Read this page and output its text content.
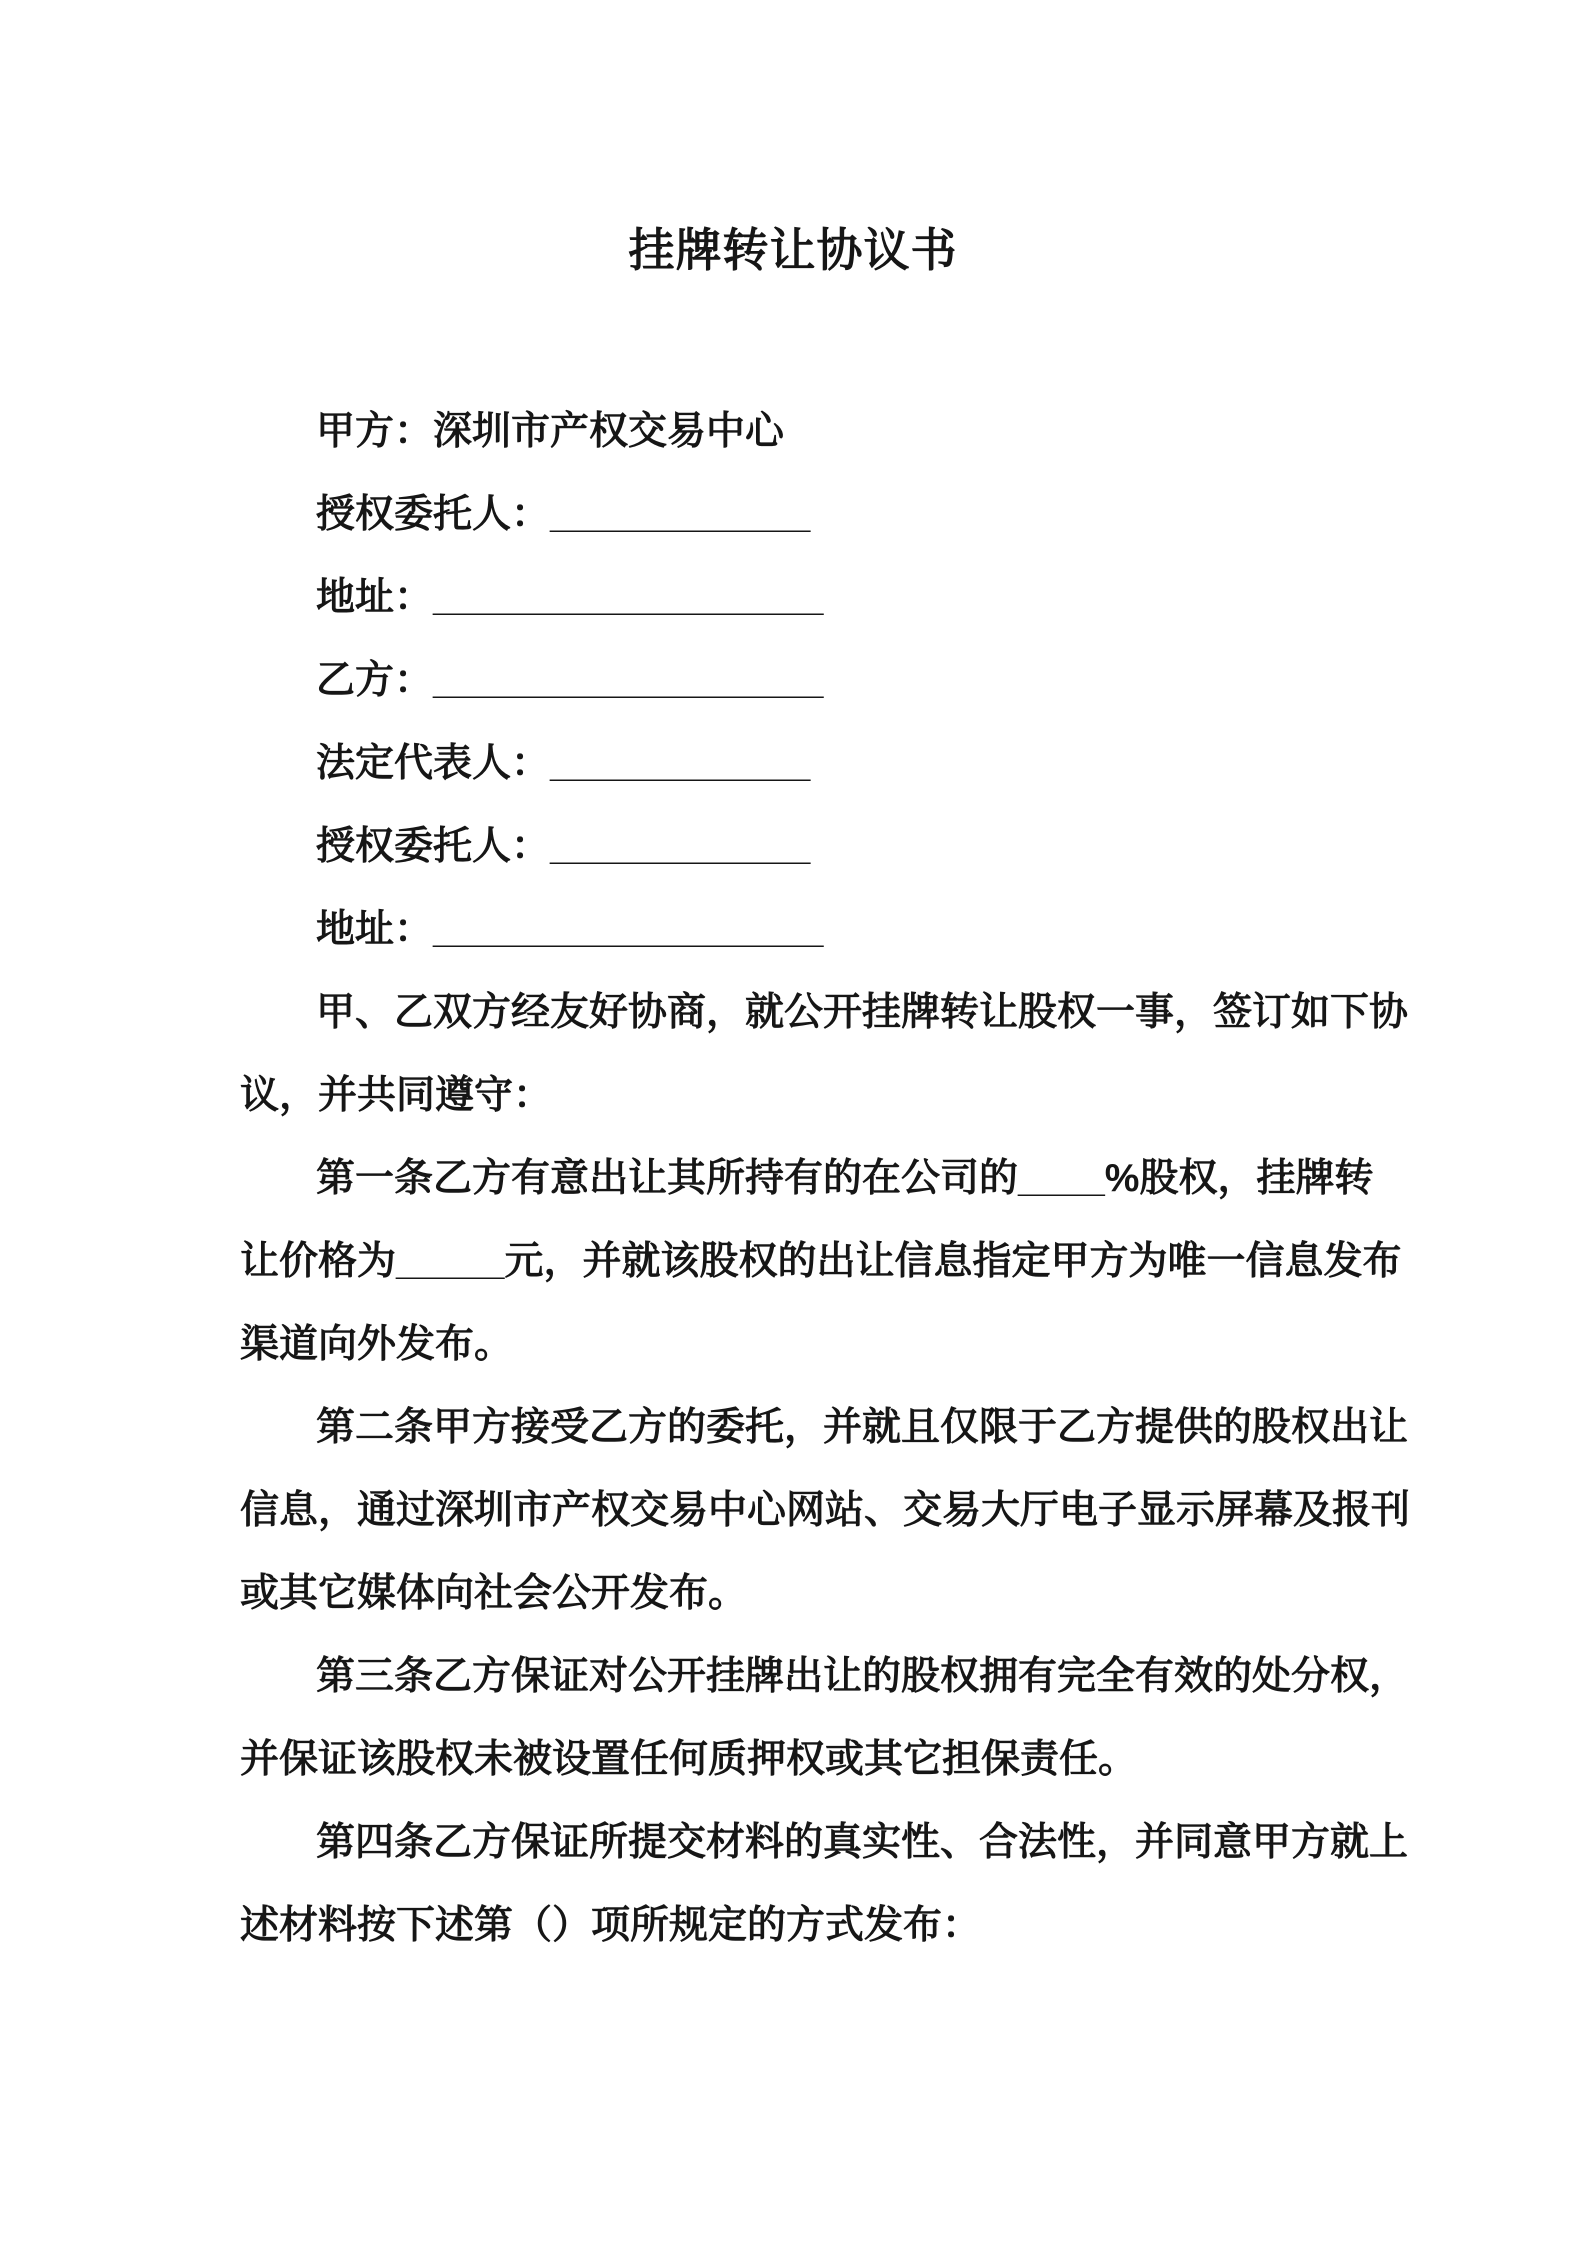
挂牌转让协议书
甲方：深圳市产权交易中心
授权委托人：____________
地址：__________________
乙方：__________________
法定代表人：____________
授权委托人：____________
地址：__________________
甲、乙双方经友好协商，就公开挂牌转让股权一事，签订如下协
议，并共同遵守：
第一条乙方有意出让其所持有的在公司的____%股权，挂牌转
让价格为_____元，并就该股权的出让信息指定甲方为唯一信息发布
渠道向外发布。
第二条甲方接受乙方的委托，并就且仅限于乙方提供的股权出让
信息，通过深圳市产权交易中心网站、交易大厅电子显示屏幕及报刊
或其它媒体向社会公开发布。
第三条乙方保证对公开挂牌出让的股权拥有完全有效的处分权，
并保证该股权未被设置任何质押权或其它担保责任。
第四条乙方保证所提交材料的真实性、合法性，并同意甲方就上
述材料按下述第（）项所规定的方式发布：
